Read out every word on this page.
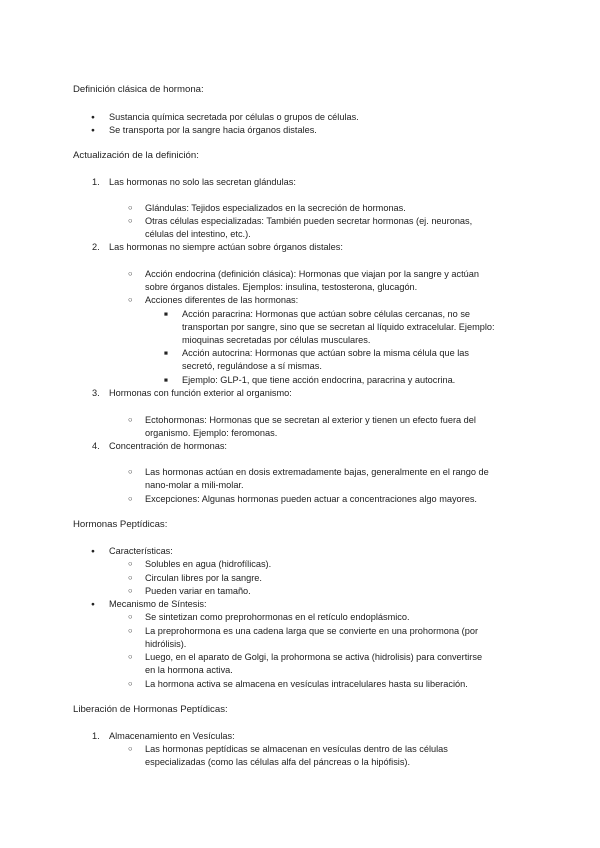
Definición clásica de hormona:
●
Sustancia química secretada por células o grupos de células.
●
Se transporta por la sangre hacia órganos distales.
Actualización de la definición:
1. Las hormonas no solo las secretan glándulas:
○
Glándulas: Tejidos especializados en la secreción de hormonas.
○
Otras células especializadas: También pueden secretar hormonas (ej. neuronas,
células del intestino, etc.).
2. Las hormonas no siempre actúan sobre órganos distales:
○
Acción endocrina (definición clásica): Hormonas que viajan por la sangre y actúan
sobre órganos distales. Ejemplos: insulina, testosterona, glucagón.
○
Acciones diferentes de las hormonas:
■
Acción paracrina: Hormonas que actúan sobre células cercanas, no se
transportan por sangre, sino que se secretan al líquido extracelular. Ejemplo:
mioquinas secretadas por células musculares.
■
Acción autocrina: Hormonas que actúan sobre la misma célula que las
secretó, regulándose a sí mismas.
■
Ejemplo: GLP-1, que tiene acción endocrina, paracrina y autocrina.
3. Hormonas con función exterior al organismo:
○
Ectohormonas: Hormonas que se secretan al exterior y tienen un efecto fuera del
organismo. Ejemplo: feromonas.
4. Concentración de hormonas:
○
Las hormonas actúan en dosis extremadamente bajas, generalmente en el rango de
nano-molar a mili-molar.
○
Excepciones: Algunas hormonas pueden actuar a concentraciones algo mayores.
Hormonas Peptídicas:
●
Características:
○
Solubles en agua (hidrofílicas).
○
Circulan libres por la sangre.
○
Pueden variar en tamaño.
●
Mecanismo de Síntesis:
○
Se sintetizan como preprohormonas en el retículo endoplásmico.
○
La preprohormona es una cadena larga que se convierte en una prohormona (por
hidrólisis).
○
Luego, en el aparato de Golgi, la prohormona se activa (hidrolisis) para convertirse
en la hormona activa.
○
La hormona activa se almacena en vesículas intracelulares hasta su liberación.
Liberación de Hormonas Peptídicas:
1. Almacenamiento en Vesículas:
○
Las hormonas peptídicas se almacenan en vesículas dentro de las células
especializadas (como las células alfa del páncreas o la hipófisis).
